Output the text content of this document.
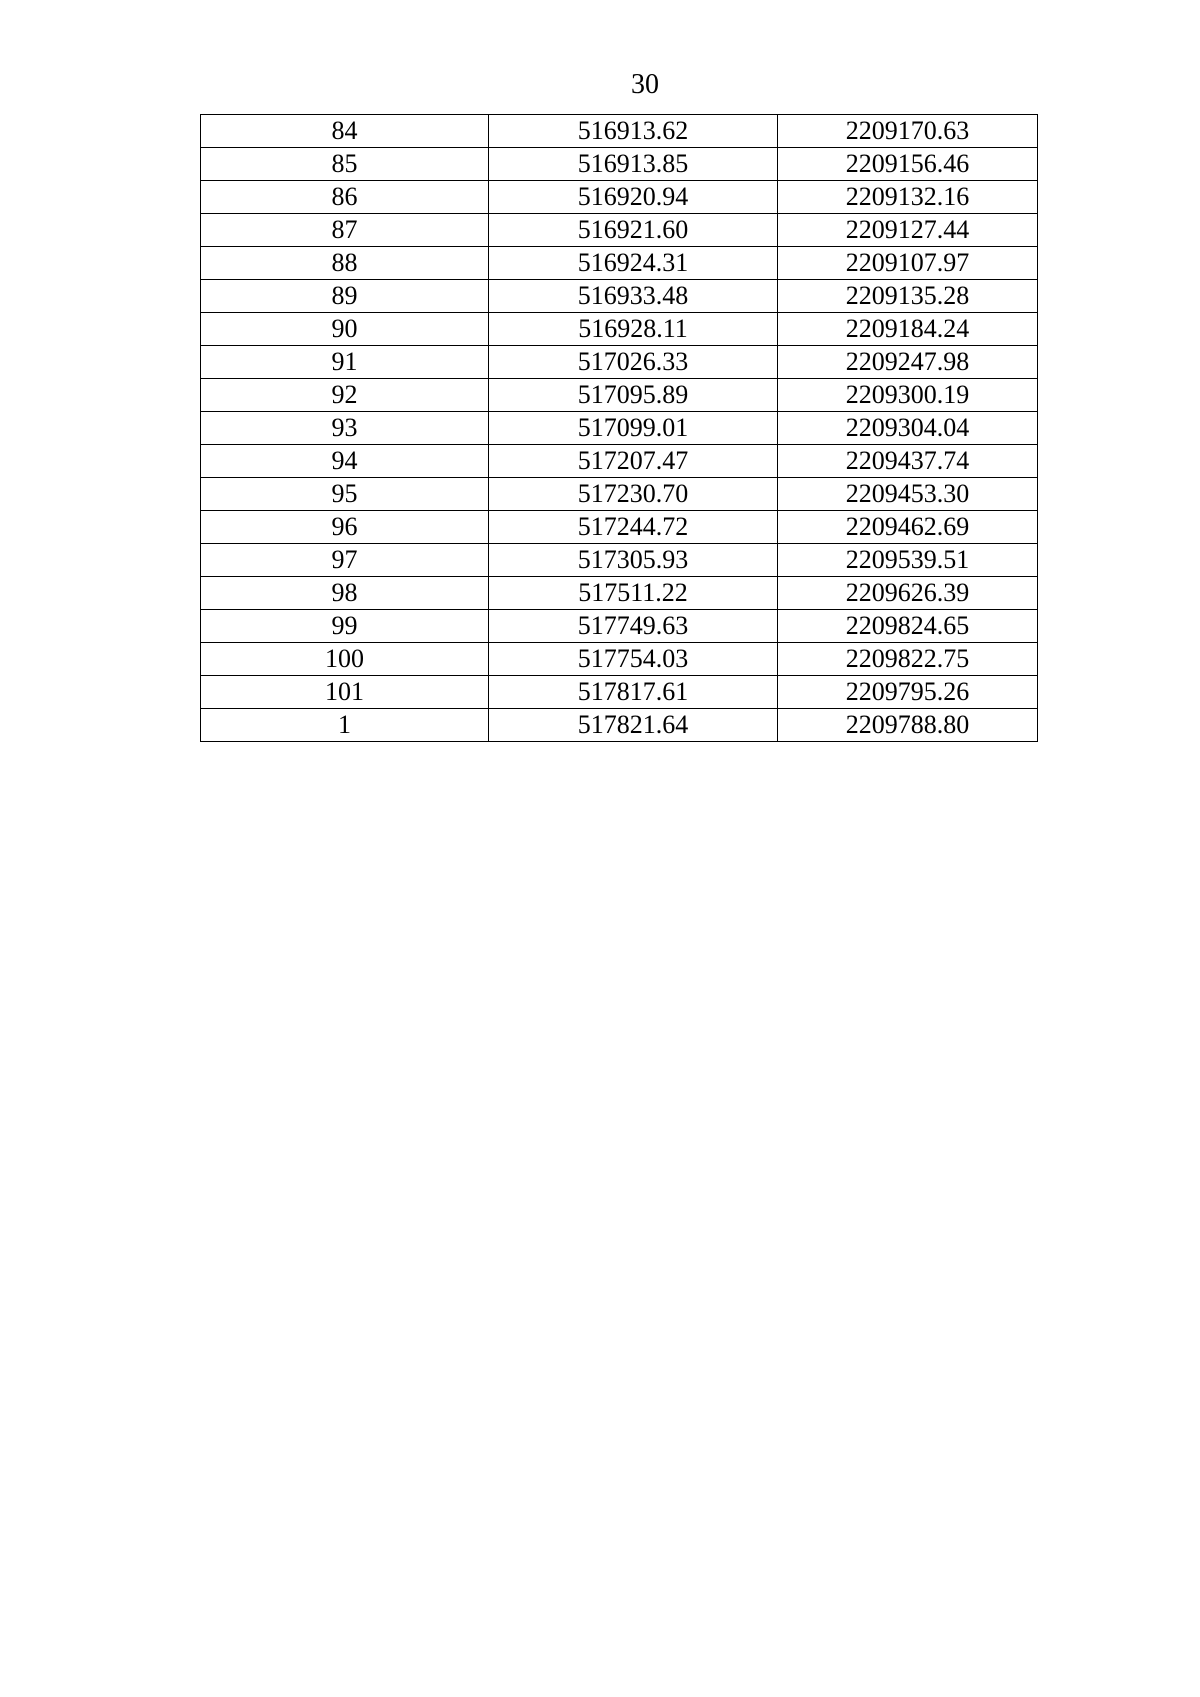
30
84	516913.62	2209170.63
85	516913.85	2209156.46
86	516920.94	2209132.16
87	516921.60	2209127.44
88	516924.31	2209107.97
89	516933.48	2209135.28
90	516928.11	2209184.24
91	517026.33	2209247.98
92	517095.89	2209300.19
93	517099.01	2209304.04
94	517207.47	2209437.74
95	517230.70	2209453.30
96	517244.72	2209462.69
97	517305.93	2209539.51
98	517511.22	2209626.39
99	517749.63	2209824.65
100	517754.03	2209822.75
101	517817.61	2209795.26
1	517821.64	2209788.80
